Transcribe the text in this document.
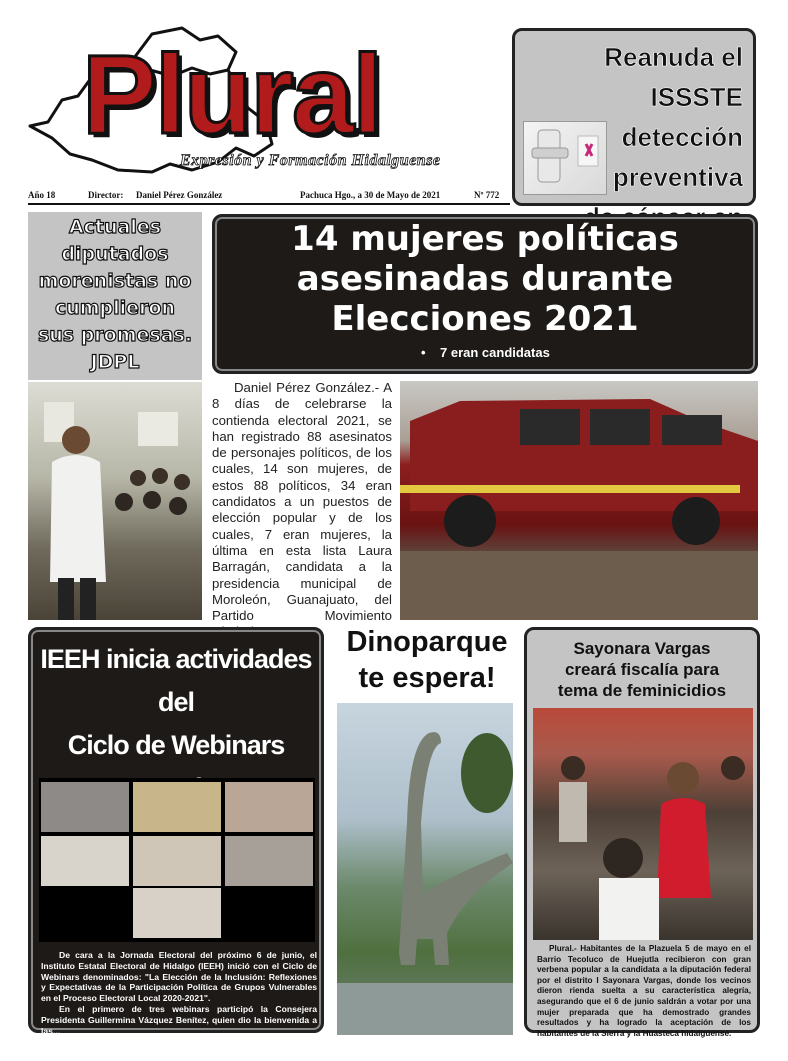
Plural
Expresión y Formación Hidalguense
Año 18	Director: Daniel Pérez González	Pachuca Hgo., a 30 de Mayo de 2021	Nº 772
Reanuda el ISSSTE
detección preventiva
Actuales
diputados
morenistas no
cumplieron
sus promesas.
JDPL
14 mujeres políticas
asesinadas durante
Elecciones 2021
•    7 eran candidatas
Daniel Pérez González.- A 8 días de celebrarse la contienda electoral 2021, se han registrado 88 asesinatos de personajes políticos, de los cuales, 14 son mujeres, de estos 88 políticos, 34 eran candidatos a un puestos de elección popular y de los cuales, 7 eran mujeres, la última en esta lista Laura Barragán, candidata a la presidencia municipal de Moroleón, Guanajuato, del Partido Movimiento
IEEH inicia actividades del
Ciclo de Webinars
De cara a la Jornada Electoral del próximo 6 de junio, el Instituto Estatal Electoral de Hidalgo (IEEH) inició con el Ciclo de Webinars denominados: "La Elección de la Inclusión: Reflexiones y Expectativas de la Participación Política de Grupos Vulnerables en el Proceso Electoral Local 2020-2021".
En el primero de tres webinars participó la Consejera Presidenta Guillermina Vázquez Benítez, quien dio la bienvenida a las...
Dinoparque
te espera!
Sayonara Vargas
creará fiscalía para
tema de feminicidios
Plural.- Habitantes de la Plazuela 5 de mayo en el Barrio Tecoluco de Huejutla recibieron con gran verbena popular a la candidata a la diputación federal por el distrito I Sayonara Vargas, donde los vecinos dieron rienda suelta a su característica alegría, asegurando que el 6 de junio saldrán a votar por una mujer preparada que ha demostrado grandes resultados y ha logrado la aceptación de los habitantes de la Sierra y la Huasteca hidalguense.
